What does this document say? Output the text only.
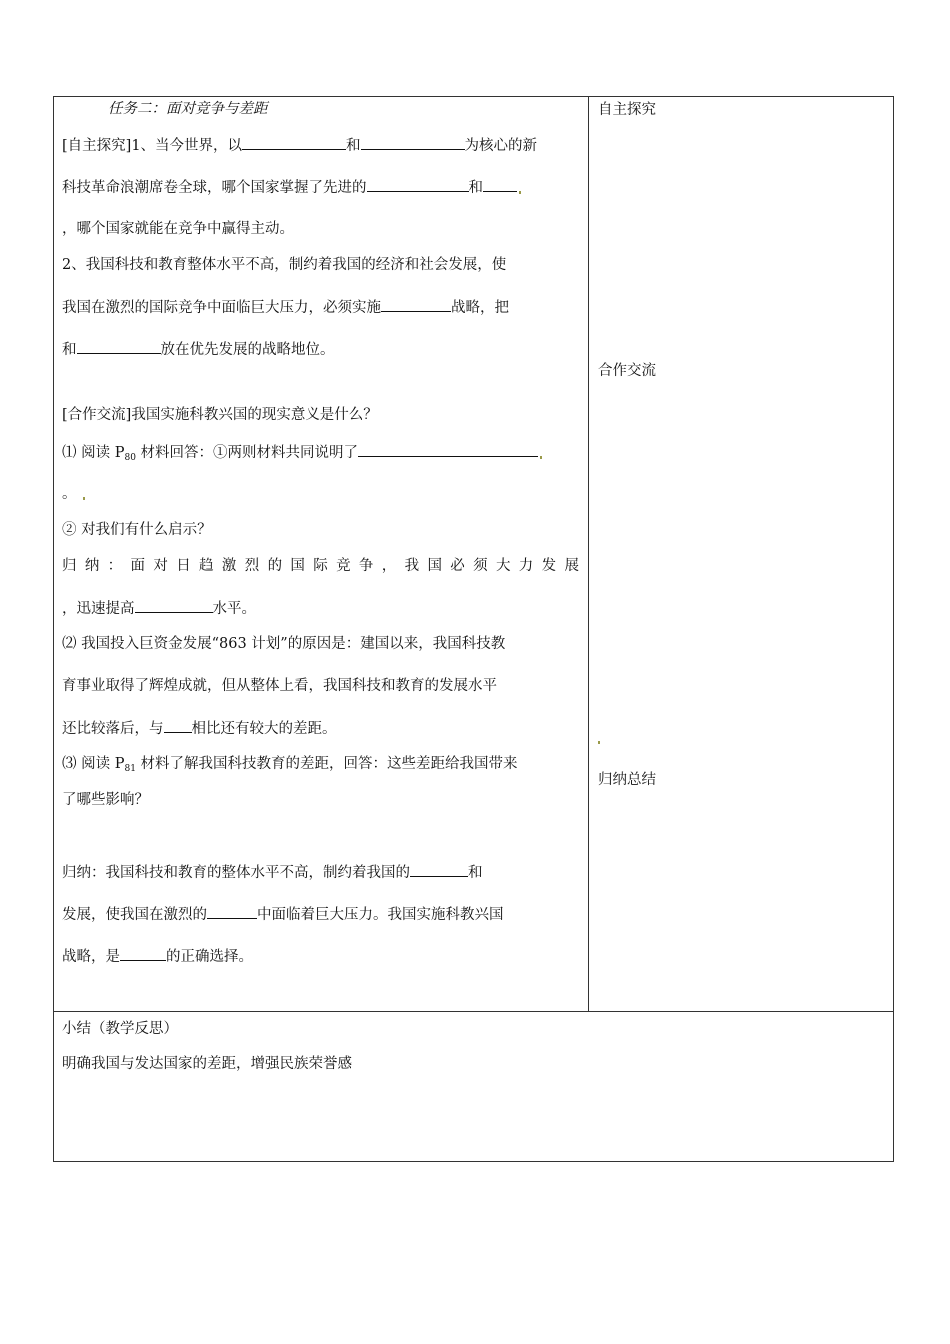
任务二：面对竞争与差距
[自主探究]1、当今世界，以	和	为核心的新
科技革命浪潮席卷全球，哪个国家掌握了先进的	和
，哪个国家就能在竞争中赢得主动。
2、我国科技和教育整体水平不高，制约着我国的经济和社会发展，使
我国在激烈的国际竞争中面临巨大压力，必须实施	战略，把
和	放在优先发展的战略地位。
[合作交流]我国实施科教兴国的现实意义是什么？
⑴ 阅读 $P_{80}$ 材料回答：①两则材料共同说明了
。
② 对我们有什么启示？
归 纳 ： 面 对 日 趋 激 烈 的 国 际 竞 争 ， 我 国 必 须 大 力 发 展
，迅速提高	水平。
⑵ 我国投入巨资金发展“863 计划”的原因是：建国以来，我国科技教
育事业取得了辉煌成就，但从整体上看，我国科技和教育的发展水平
还比较落后，与 相比还有较大的差距。
⑶ 阅读 $P_{81}$ 材料了解我国科技教育的差距，回答：这些差距给我国带来
了哪些影响？
归纳：我国科技和教育的整体水平不高，制约着我国的	和
发展，使我国在激烈的	中面临着巨大压力。我国实施科教兴国
战略，是	的正确选择。
自主探究
合作交流
归纳总结
小结（教学反思）
明确我国与发达国家的差距，增强民族荣誉感
